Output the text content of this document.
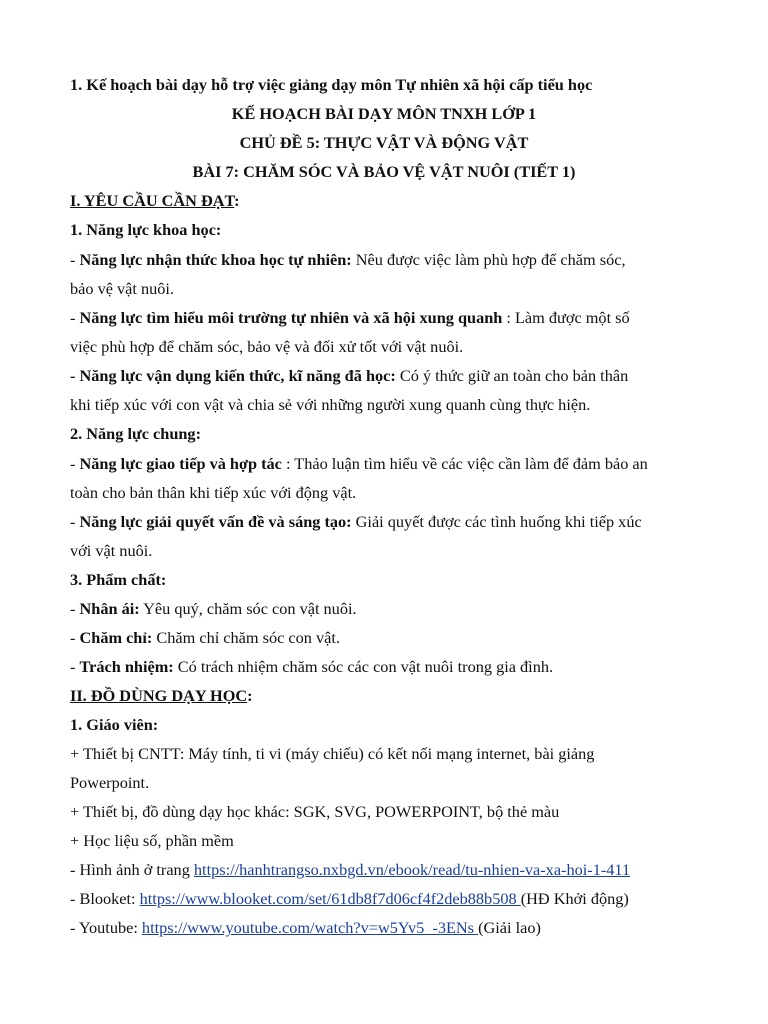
1. Kế hoạch bài dạy hỗ trợ việc giảng dạy môn Tự nhiên xã hội cấp tiểu học
KẾ HOẠCH BÀI DẠY MÔN TNXH LỚP 1
CHỦ ĐỀ 5: THỰC VẬT VÀ ĐỘNG VẬT
BÀI 7: CHĂM SÓC VÀ BẢO VỆ VẬT NUÔI (TIẾT 1)
I. YÊU CẦU CẦN ĐẠT:
1. Năng lực khoa học:
- Năng lực nhận thức khoa học tự nhiên: Nêu được việc làm phù hợp để chăm sóc,
bảo vệ vật nuôi.
- Năng lực tìm hiểu môi trường tự nhiên và xã hội xung quanh : Làm được một số
việc phù hợp để chăm sóc, bảo vệ và đối xử tốt với vật nuôi.
- Năng lực vận dụng kiến thức, kĩ năng đã học: Có ý thức giữ an toàn cho bản thân
khi tiếp xúc với con vật và chia sẻ với những người xung quanh cùng thực hiện.
2. Năng lực chung:
- Năng lực giao tiếp và hợp tác : Thảo luận tìm hiểu về các việc cần làm để đảm bảo an
toàn cho bản thân khi tiếp xúc với động vật.
- Năng lực giải quyết vấn đề và sáng tạo: Giải quyết được các tình huống khi tiếp xúc
với vật nuôi.
3. Phẩm chất:
- Nhân ái: Yêu quý, chăm sóc con vật nuôi.
- Chăm chỉ: Chăm chỉ chăm sóc con vật.
- Trách nhiệm: Có trách nhiệm chăm sóc các con vật nuôi trong gia đình.
II. ĐỒ DÙNG DẠY HỌC:
1. Giáo viên:
+ Thiết bị CNTT: Máy tính, ti vi (máy chiếu) có kết nối mạng internet, bài giảng
Powerpoint.
+ Thiết bị, đồ dùng dạy học khác: SGK, SVG, POWERPOINT, bộ thẻ màu
+ Học liệu số, phần mềm
- Hình ảnh ở trang https://hanhtrangso.nxbgd.vn/ebook/read/tu-nhien-va-xa-hoi-1-411
- Blooket: https://www.blooket.com/set/61db8f7d06cf4f2deb88b508 (HĐ Khởi động)
- Youtube: https://www.youtube.com/watch?v=w5Yv5_-3ENs (Giải lao)
